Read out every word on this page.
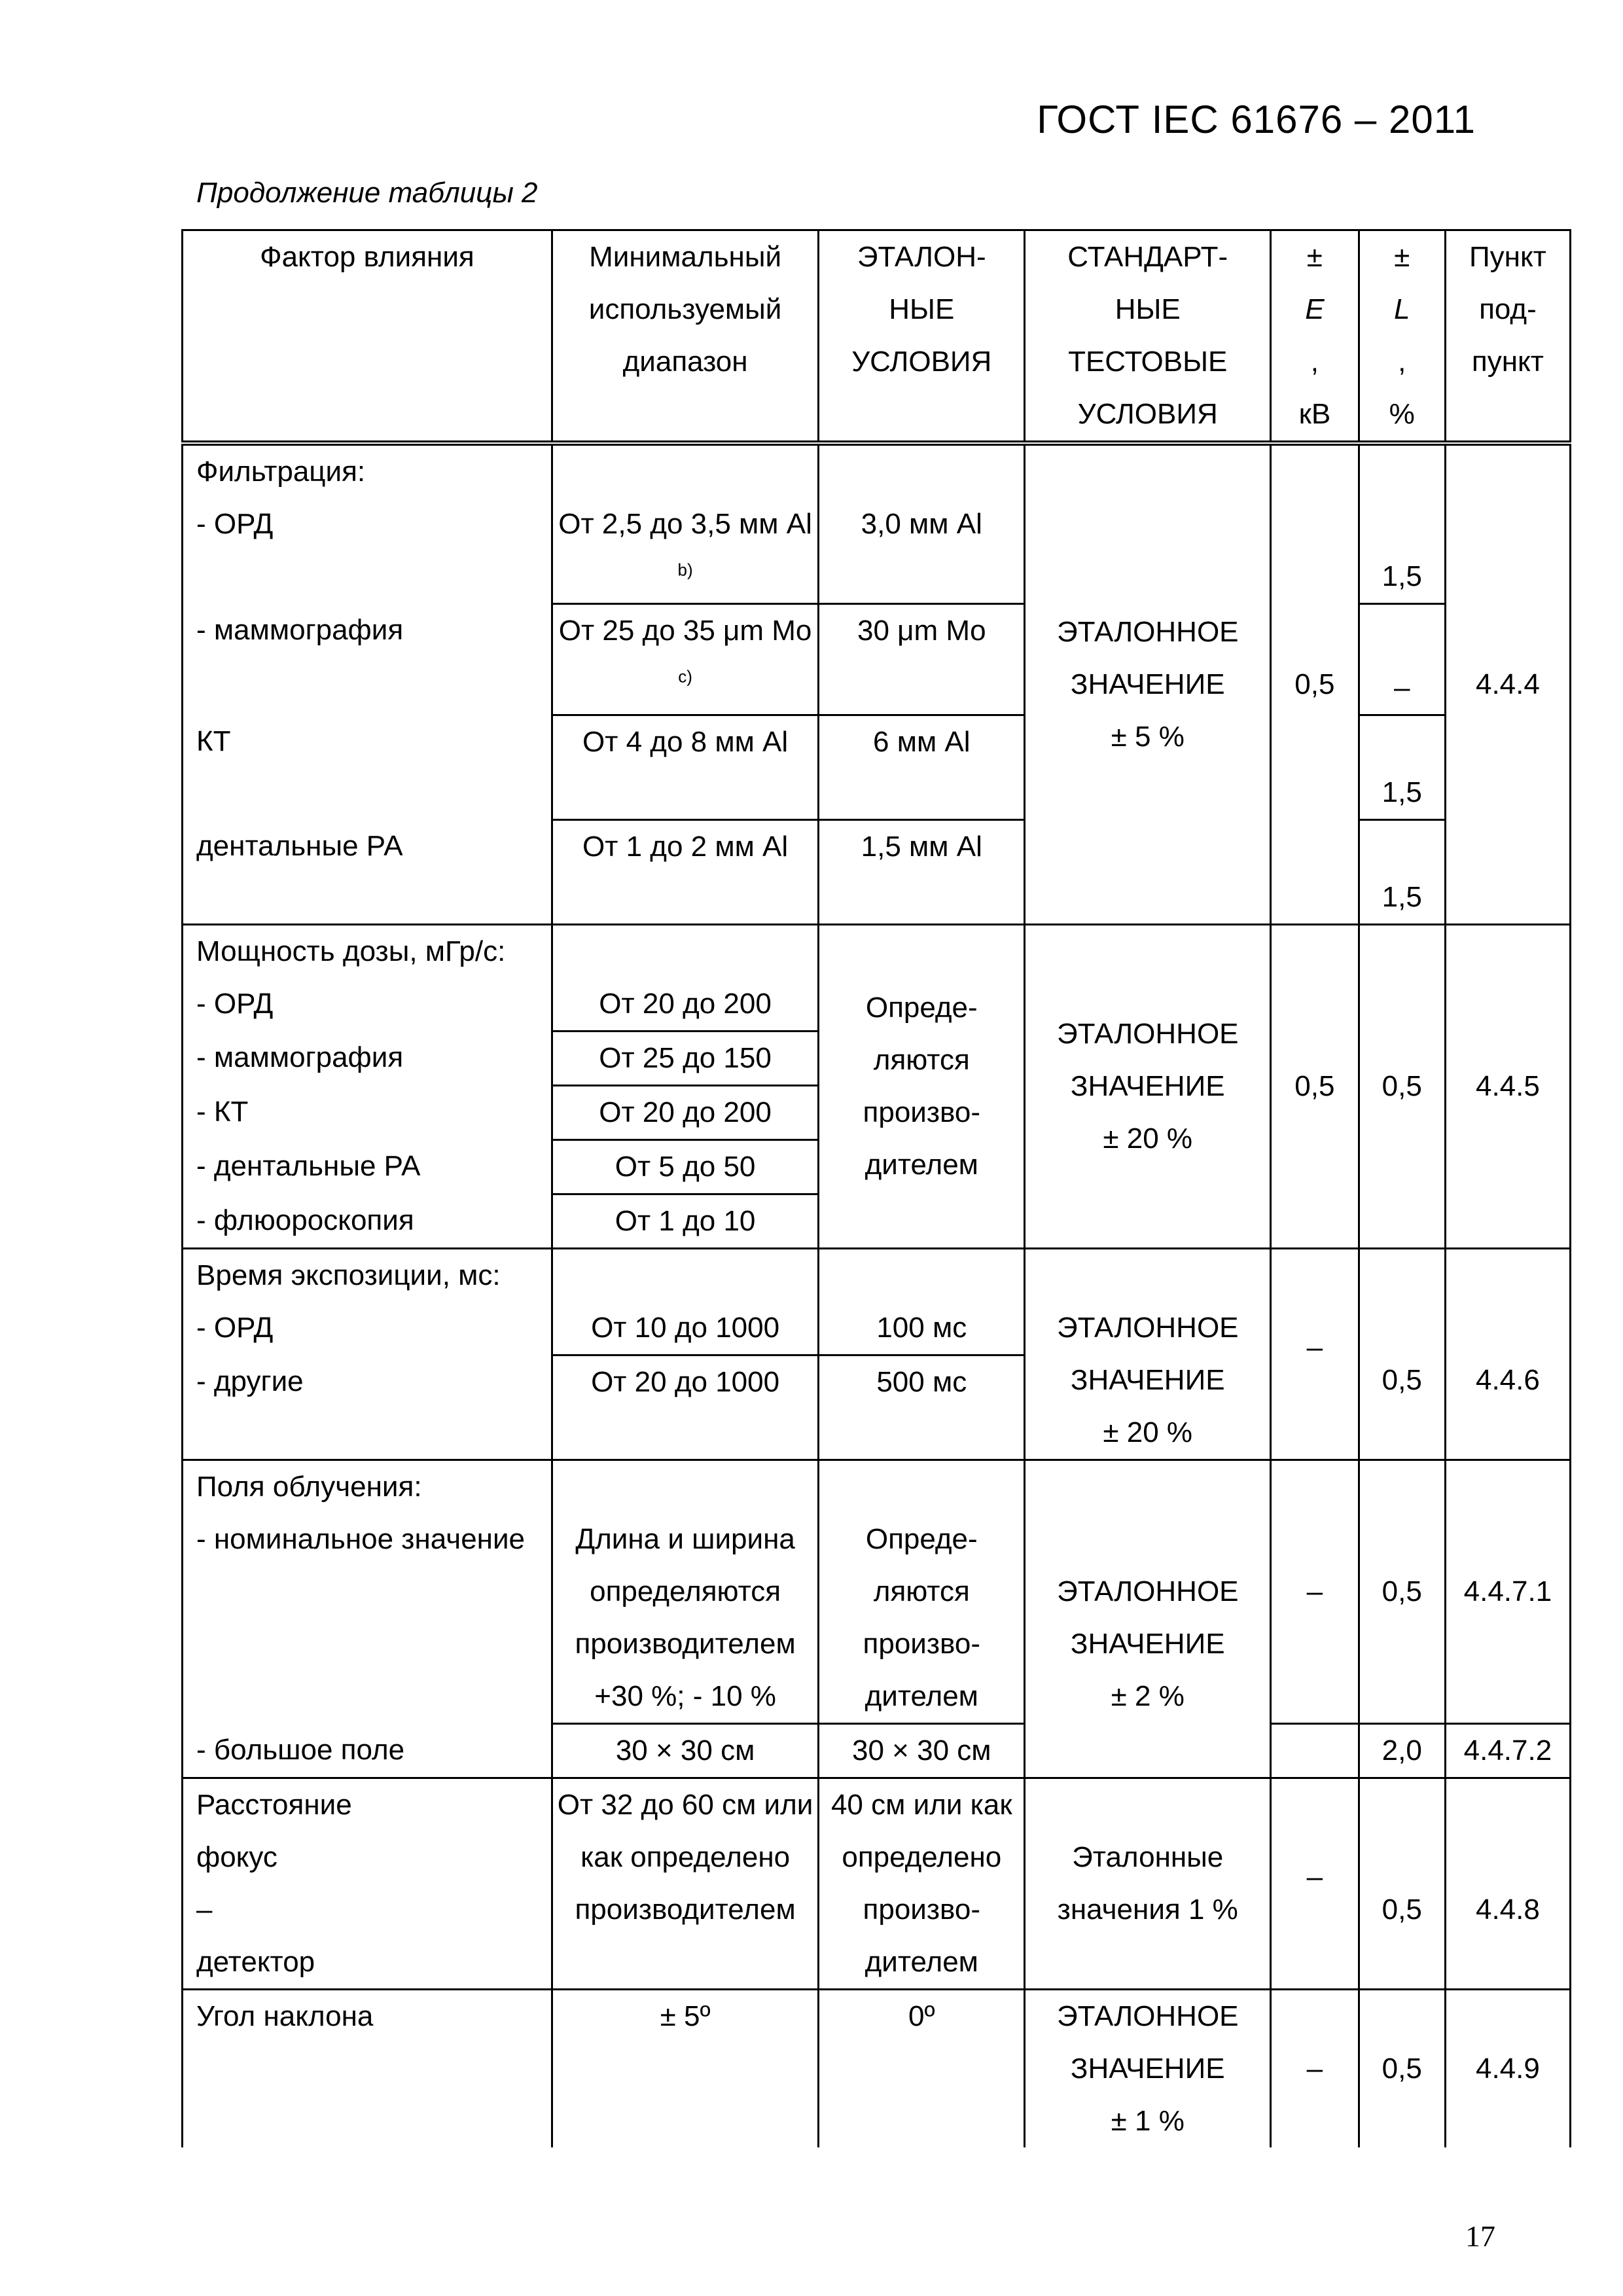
ГОСТ IEC 61676 – 2011
Продолжение таблицы 2
Фактор влияния	Минимальный
используемый
диапазон	ЭТАЛОН-
НЫЕ
УСЛОВИЯ	СТАНДАРТ-
НЫЕ
ТЕСТОВЫЕ
УСЛОВИЯ	±
E
,
кВ	±
L
,
%	Пункт
под-
пункт

Фильтрация:
- ОРД	От 2,5 до 3,5 мм Al $^{b)}$	3,0 мм Al	ЭТАЛОННОЕ
ЗНАЧЕНИЕ
± 5 %	0,5	1,5	4.4.4
- маммография	От 25 до 35 μm Mo $^{c)}$	30 μm Mo			–	
КТ	От 4 до 8 мм Al	6 мм Al			1,5	
дентальные РА	От 1 до 2 мм Al	1,5 мм Al			1,5	

Мощность дозы, мГр/с:
- ОРД	От 20 до 200	Опреде-
ляются
произво-
дителем	ЭТАЛОННОЕ
ЗНАЧЕНИЕ
± 20 %	0,5	0,5	4.4.5
- маммография	От 25 до 150					
- КТ	От 20 до 200					
- дентальные РА	От 5 до 50					
- флюороскопия	От 1 до 10					

Время экспозиции, мс:
- ОРД	От 10 до 1000	100 мс	ЭТАЛОННОЕ
ЗНАЧЕНИЕ
± 20 %	–	0,5	4.4.6
- другие	От 20 до 1000	500 мс				

Поля облучения:
- номинальное значение	Длина и ширина
определяются
производителем
+30 %; - 10 %	Опреде-
ляются
произво-
дителем	ЭТАЛОННОЕ
ЗНАЧЕНИЕ
± 2 %	–	0,5	4.4.7.1
- большое поле	30 × 30 см	30 × 30 см			2,0	4.4.7.2

Расстояние
фокус
–
детектор	От 32 до 60 см или
как определено
производителем	40 см или как
определено
произво-
дителем	Эталонные
значения 1 %	–	0,5	4.4.8
Угол наклона	± 5º	0º	ЭТАЛОННОЕ
ЗНАЧЕНИЕ
± 1 %	–	0,5	4.4.9
17
